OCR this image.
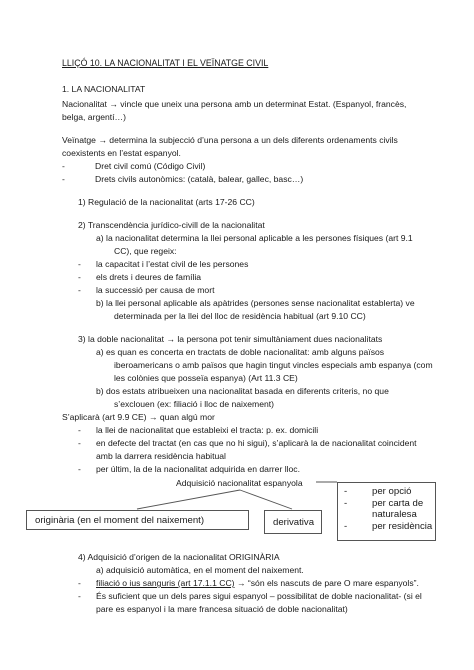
LLIÇÓ 10. LA NACIONALITAT I EL VEÏNATGE CIVIL
1. LA NACIONALITAT
Nacionalitat → vincle que uneix una persona amb un determinat Estat. (Espanyol, francès,
belga, argentí…)
Veïnatge → determina la subjecció d’una persona a un dels diferents ordenaments civils
coexistents en l’estat espanyol.
-	Dret civil comú (Código Civil)
-	Drets civils autonòmics: (català, balear, gallec, basc…)
1) Regulació de la nacionalitat (arts 17-26 CC)
2) Transcendència jurídico-civill de la nacionalitat
a) la nacionalitat determina la llei personal aplicable a les persones físiques (art 9.1
CC), que regeix:
- la capacitat i l’estat civil de les persones
- els drets i deures de família
- la successió per causa de mort
b) la llei personal aplicable als apàtrides (persones sense nacionalitat establerta) ve
determinada per la llei del lloc de residència habitual (art 9.10 CC)
3) la doble nacionalitat → la persona pot tenir simultàniament dues nacionalitats
a) es quan es concerta en tractats de doble nacionalitat: amb alguns països
iberoamericans o amb països que hagin tingut vincles especials amb espanya (com
les colònies que posseïa espanya) (Art 11.3 CE)
b) dos estats atribueixen una nacionalitat basada en diferents criteris, no que
s’exclouen (ex: filiació i lloc de naixement)
S’aplicarà (art 9.9 CE) → quan algú mor
- la llei de nacionalitat que estableixi el tracta: p. ex. domicili
- en defecte del tractat (en cas que no hi sigui), s’aplicarà la de nacionalitat coincident
amb la darrera residència habitual
- per últim, la de la nacionalitat adquirida en darrer lloc.
Adquisició nacionalitat espanyola
originària (en el moment del naixement)	derivativa
-	per opció
-	per carta de
naturalesa
-	per residència
4) Adquisició d’origen de la nacionalitat ORIGINÀRIA
a) adquisició automàtica, en el moment del naixement.
- filiació o ius sanguris (art 17.1.1 CC) → “són els nascuts de pare O mare espanyols”.
- És suficient que un dels pares sigui espanyol – possibilitat de doble nacionalitat- (si el
pare es espanyol i la mare francesa situació de doble nacionalitat)
